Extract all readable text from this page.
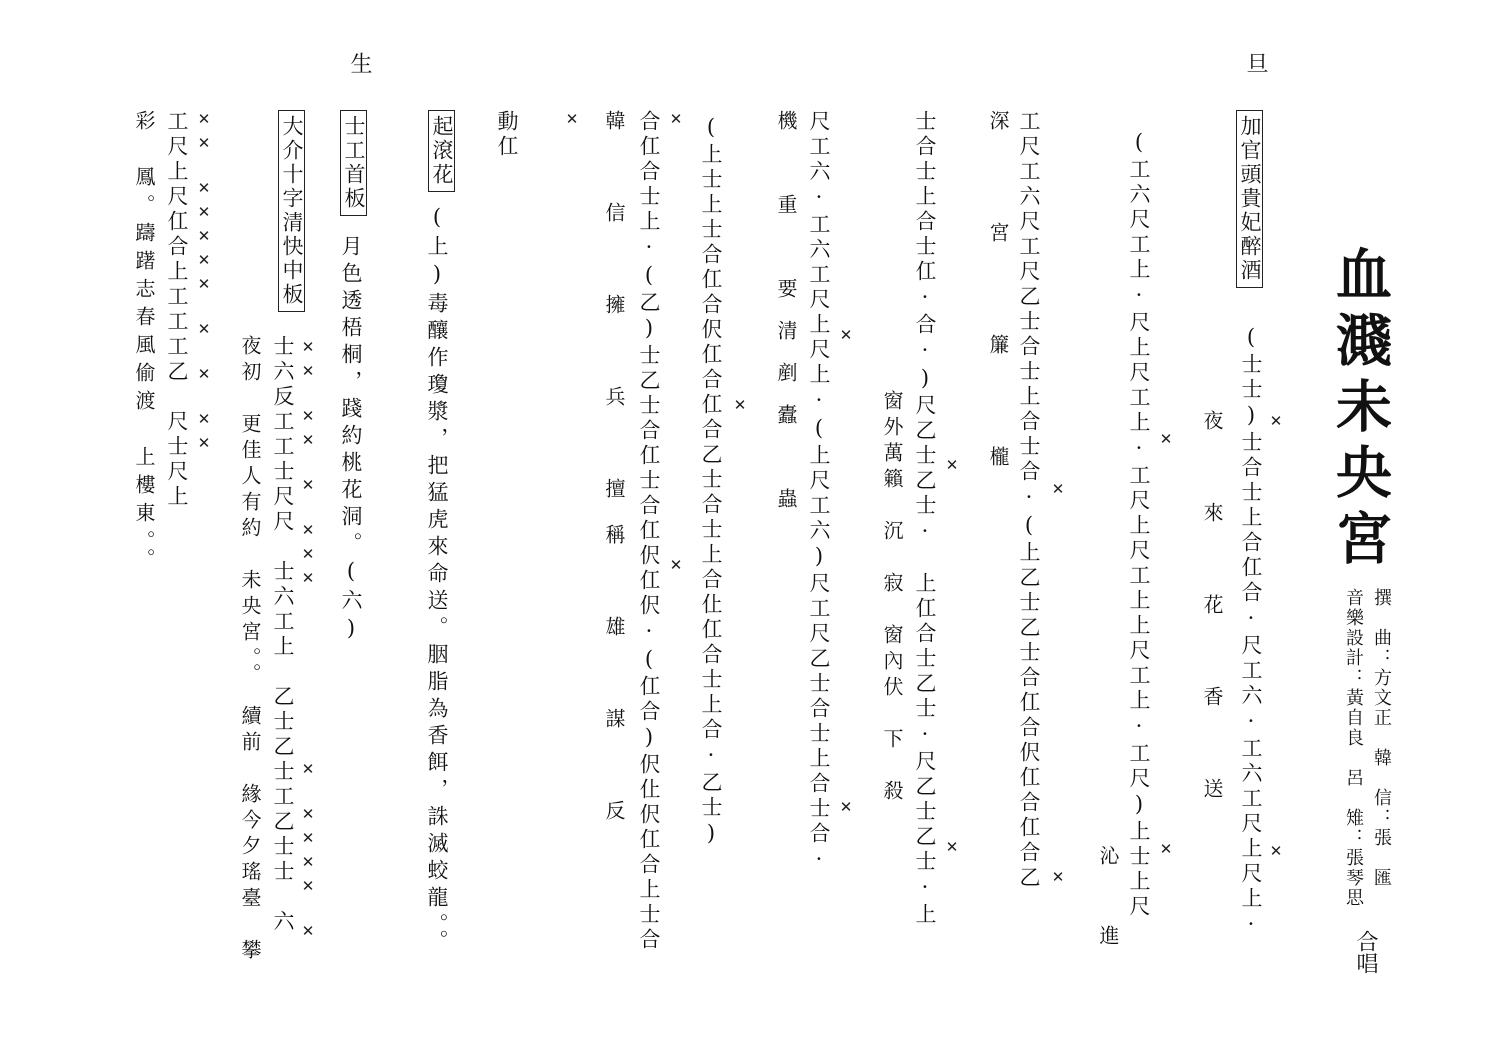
血濺未央宮
撰　曲：方文正　韓　信：張　匯
音樂設計：黃自良　呂　雉：張琴思
合唱
旦
生
加官頭貴妃醉酒
起滾花
士工首板
大介十字清快中板
(士士)士合士上合仜合·尺工六·工六工尺上尺上·
夜　來　花　香　送
(工六尺工上·尺上尺工上·工尺上尺工上上尺工上·工尺)上士上尺
沁　進
工尺工六尺工尺乙士合士上合士合·(上乙士乙士合仜合伬仜合仜合乙
深　宮　簾　櫳
士合士上合士仜·合·)尺乙士乙士·　上仜合士乙士·尺乙士乙士·上
窗外萬籟　沉　寂　窗內伏　下　殺
尺工六·工六工尺上尺上·(上尺工六)尺工尺乙士合士上合士合·
機　重　要清剷蠹　蟲
(上士上士合仜合伬仜合仜合乙士合士上合仩仜合士上合·乙士)
合仜合士上·(乙)士乙士合仜士合仜伬仜伬·(仜合)伬仩伬仜合上士合
韓　信　擁　兵　擅稱　雄　謀　反
(上)毒釀作瓊漿，把猛虎來命送。胭脂為香餌，誅滅蛟龍。。
動仜
月色透梧桐，踐約桃花洞。(六)
士六反工工士尺尺　士六工上　乙士乙士工乙士士　六
夜初　更佳人有約　未央宮。。　續前　緣今夕瑤臺　攀
工尺上尺仜合上工工工乙　尺士尺上
彩　鳳。躊躇志春風偷渡　上樓東。。	✕
✕
✕
✕
✕
✕
✕
✕
✕
✕
✕
✕
✕
✕
✕✕　✕✕　✕　✕✕✕
✕　✕✕✕✕　✕
✕✕　✕✕✕✕✕　✕　✕　✕✕
